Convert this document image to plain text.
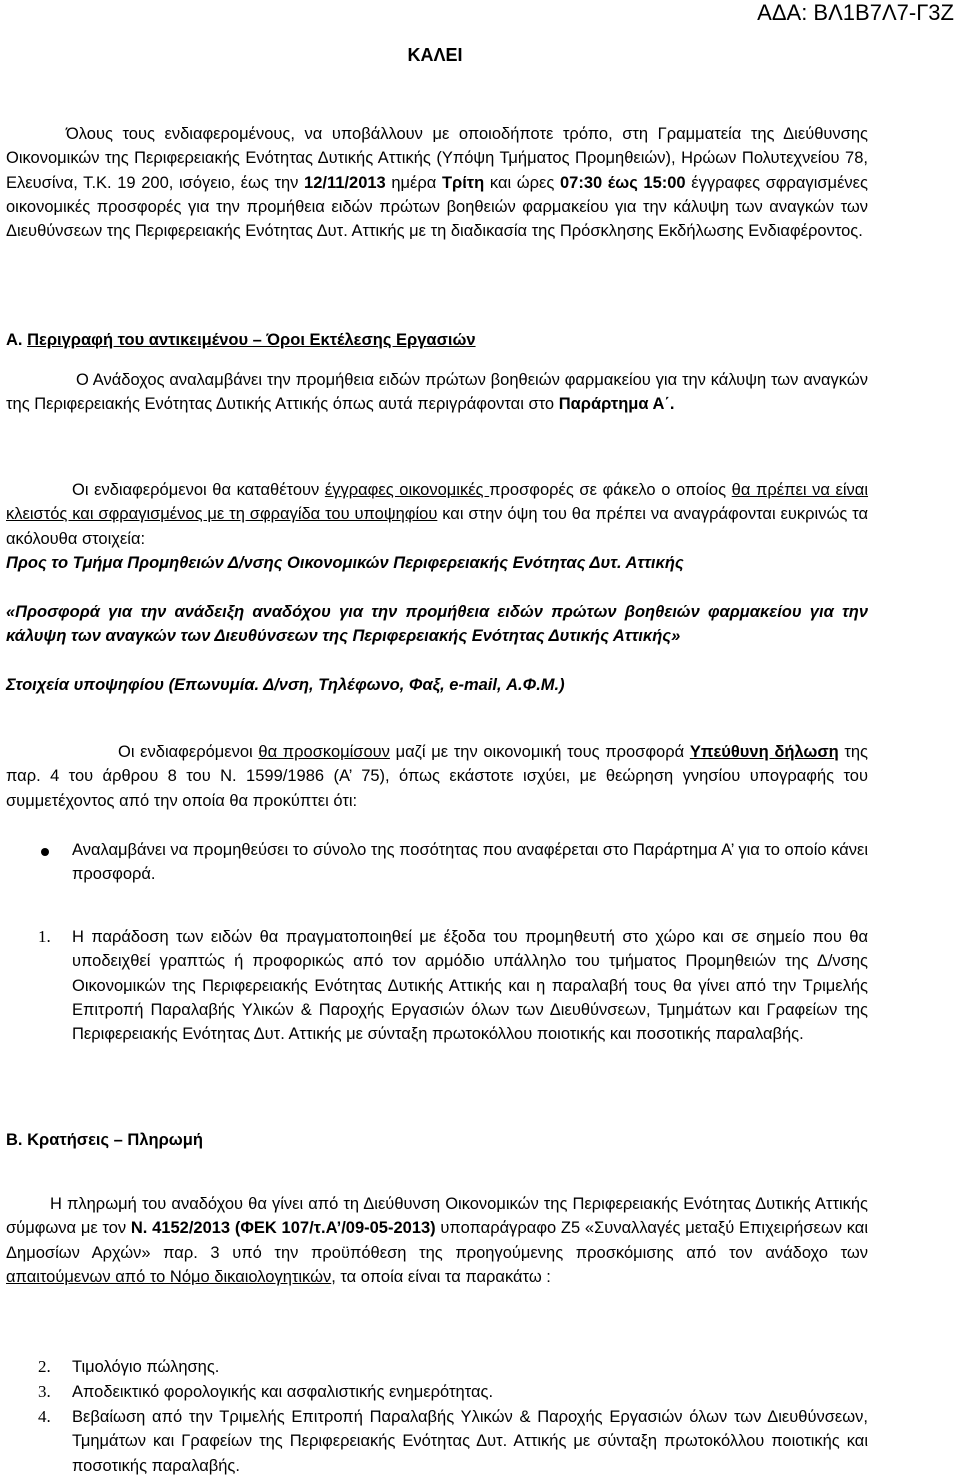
ΑΔΑ: ΒΛ1Β7Λ7-Γ3Ζ
ΚΑΛΕΙ
Όλους τους ενδιαφερομένους, να υποβάλλουν με οποιοδήποτε τρόπο, στη Γραμματεία της Διεύθυνσης Οικονομικών της Περιφερειακής Ενότητας Δυτικής Αττικής (Υπόψη Τμήματος Προμηθειών), Ηρώων Πολυτεχνείου 78, Ελευσίνα, Τ.Κ. 19 200, ισόγειο, έως την 12/11/2013 ημέρα Τρίτη και ώρες 07:30 έως 15:00 έγγραφες σφραγισμένες οικονομικές προσφορές για την προμήθεια ειδών πρώτων βοηθειών φαρμακείου για την κάλυψη των αναγκών των Διευθύνσεων της Περιφερειακής Ενότητας Δυτ. Αττικής με τη διαδικασία της Πρόσκλησης Εκδήλωσης Ενδιαφέροντος.
Α. Περιγραφή του αντικειμένου – Όροι Εκτέλεσης Εργασιών
Ο Ανάδοχος αναλαμβάνει την προμήθεια ειδών πρώτων βοηθειών φαρμακείου για την κάλυψη των αναγκών της Περιφερειακής Ενότητας Δυτικής Αττικής όπως αυτά περιγράφονται στο Παράρτημα Α΄.
Οι ενδιαφερόμενοι θα καταθέτουν έγγραφες οικονομικές προσφορές σε φάκελο ο οποίος θα πρέπει να είναι κλειστός και σφραγισμένος με τη σφραγίδα του υποψηφίου και στην όψη του θα πρέπει να αναγράφονται ευκρινώς τα ακόλουθα στοιχεία:
Προς το Τμήμα Προμηθειών Δ/νσης Οικονομικών Περιφερειακής Ενότητας Δυτ. Αττικής
«Προσφορά για την ανάδειξη αναδόχου για την προμήθεια ειδών πρώτων βοηθειών φαρμακείου για την κάλυψη των αναγκών των Διευθύνσεων της Περιφερειακής Ενότητας Δυτικής Αττικής»
Στοιχεία υποψηφίου (Επωνυμία. Δ/νση, Τηλέφωνο, Φαξ, e-mail, Α.Φ.Μ.)
Οι ενδιαφερόμενοι θα προσκομίσουν μαζί με την οικονομική τους προσφορά Υπεύθυνη δήλωση της παρ. 4 του άρθρου 8 του Ν. 1599/1986 (Α’ 75), όπως εκάστοτε ισχύει, με θεώρηση γνησίου υπογραφής του συμμετέχοντος από την οποία θα προκύπτει ότι:
Αναλαμβάνει να προμηθεύσει το σύνολο της ποσότητας που αναφέρεται στο Παράρτημα Α’ για το οποίο κάνει προσφορά.
1. Η παράδοση των ειδών θα πραγματοποιηθεί με έξοδα του προμηθευτή στο χώρο και σε σημείο που θα υποδειχθεί γραπτώς ή προφορικώς από τον αρμόδιο υπάλληλο του τμήματος Προμηθειών της Δ/νσης Οικονομικών της Περιφερειακής Ενότητας Δυτικής Αττικής και η παραλαβή τους θα γίνει από την Τριμελής Επιτροπή Παραλαβής Υλικών & Παροχής Εργασιών όλων των Διευθύνσεων, Τμημάτων και Γραφείων της Περιφερειακής Ενότητας Δυτ. Αττικής με σύνταξη πρωτοκόλλου ποιοτικής και ποσοτικής παραλαβής.
Β. Κρατήσεις – Πληρωμή
Η πληρωμή του αναδόχου θα γίνει από τη Διεύθυνση Οικονομικών της Περιφερειακής Ενότητας Δυτικής Αττικής σύμφωνα με τον Ν. 4152/2013 (ΦΕΚ 107/τ.Α’/09-05-2013) υποπαράγραφο Ζ5 «Συναλλαγές μεταξύ Επιχειρήσεων και Δημοσίων Αρχών» παρ. 3 υπό την προϋπόθεση της προηγούμενης προσκόμισης από τον ανάδοχο των απαιτούμενων από το Νόμο δικαιολογητικών, τα οποία είναι τα παρακάτω :
2. Τιμολόγιο πώλησης.
3. Αποδεικτικό φορολογικής και ασφαλιστικής ενημερότητας.
4. Βεβαίωση από την Τριμελής Επιτροπή Παραλαβής Υλικών & Παροχής Εργασιών όλων των Διευθύνσεων, Τμημάτων και Γραφείων της Περιφερειακής Ενότητας Δυτ. Αττικής με σύνταξη πρωτοκόλλου ποιοτικής και ποσοτικής παραλαβής.
